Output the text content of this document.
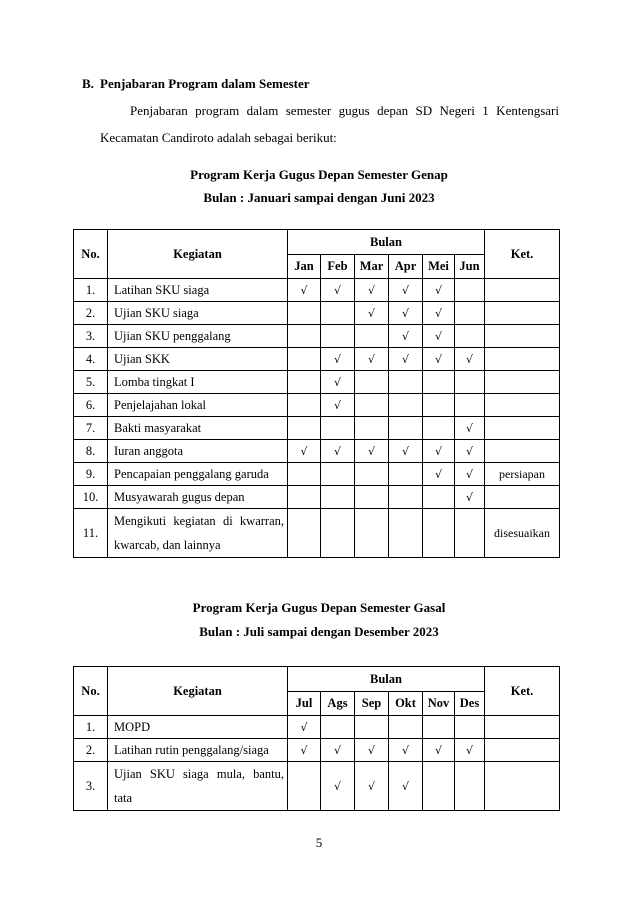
B. Penjabaran Program dalam Semester
Penjabaran program dalam semester gugus depan SD Negeri 1 Kentengsari Kecamatan Candiroto adalah sebagai berikut:
Program Kerja Gugus Depan Semester Genap
Bulan : Januari sampai dengan Juni 2023
No.	Kegiatan	Bulan						Ket.
		Jan	Feb	Mar	Apr	Mei	Jun	
1.	Latihan SKU siaga	√	√	√	√	√		
2.	Ujian SKU siaga			√	√	√		
3.	Ujian SKU penggalang				√	√		
4.	Ujian SKK		√	√	√	√	√	
5.	Lomba tingkat I		√					
6.	Penjelajahan lokal		√					
7.	Bakti masyarakat						√	
8.	Iuran anggota	√	√	√	√	√	√	
9.	Pencapaian penggalang garuda					√	√	persiapan
10.	Musyawarah gugus depan						√	
11.	Mengikuti kegiatan di kwarran, kwarcab, dan lainnya							disesuaikan
Program Kerja Gugus Depan Semester Gasal
Bulan : Juli sampai dengan Desember 2023
No.	Kegiatan	Bulan						Ket.
		Jul	Ags	Sep	Okt	Nov	Des	
1.	MOPD	√						
2.	Latihan rutin penggalang/siaga	√	√	√	√	√	√	
3.	Ujian SKU siaga mula, bantu, tata		√	√	√			
5
